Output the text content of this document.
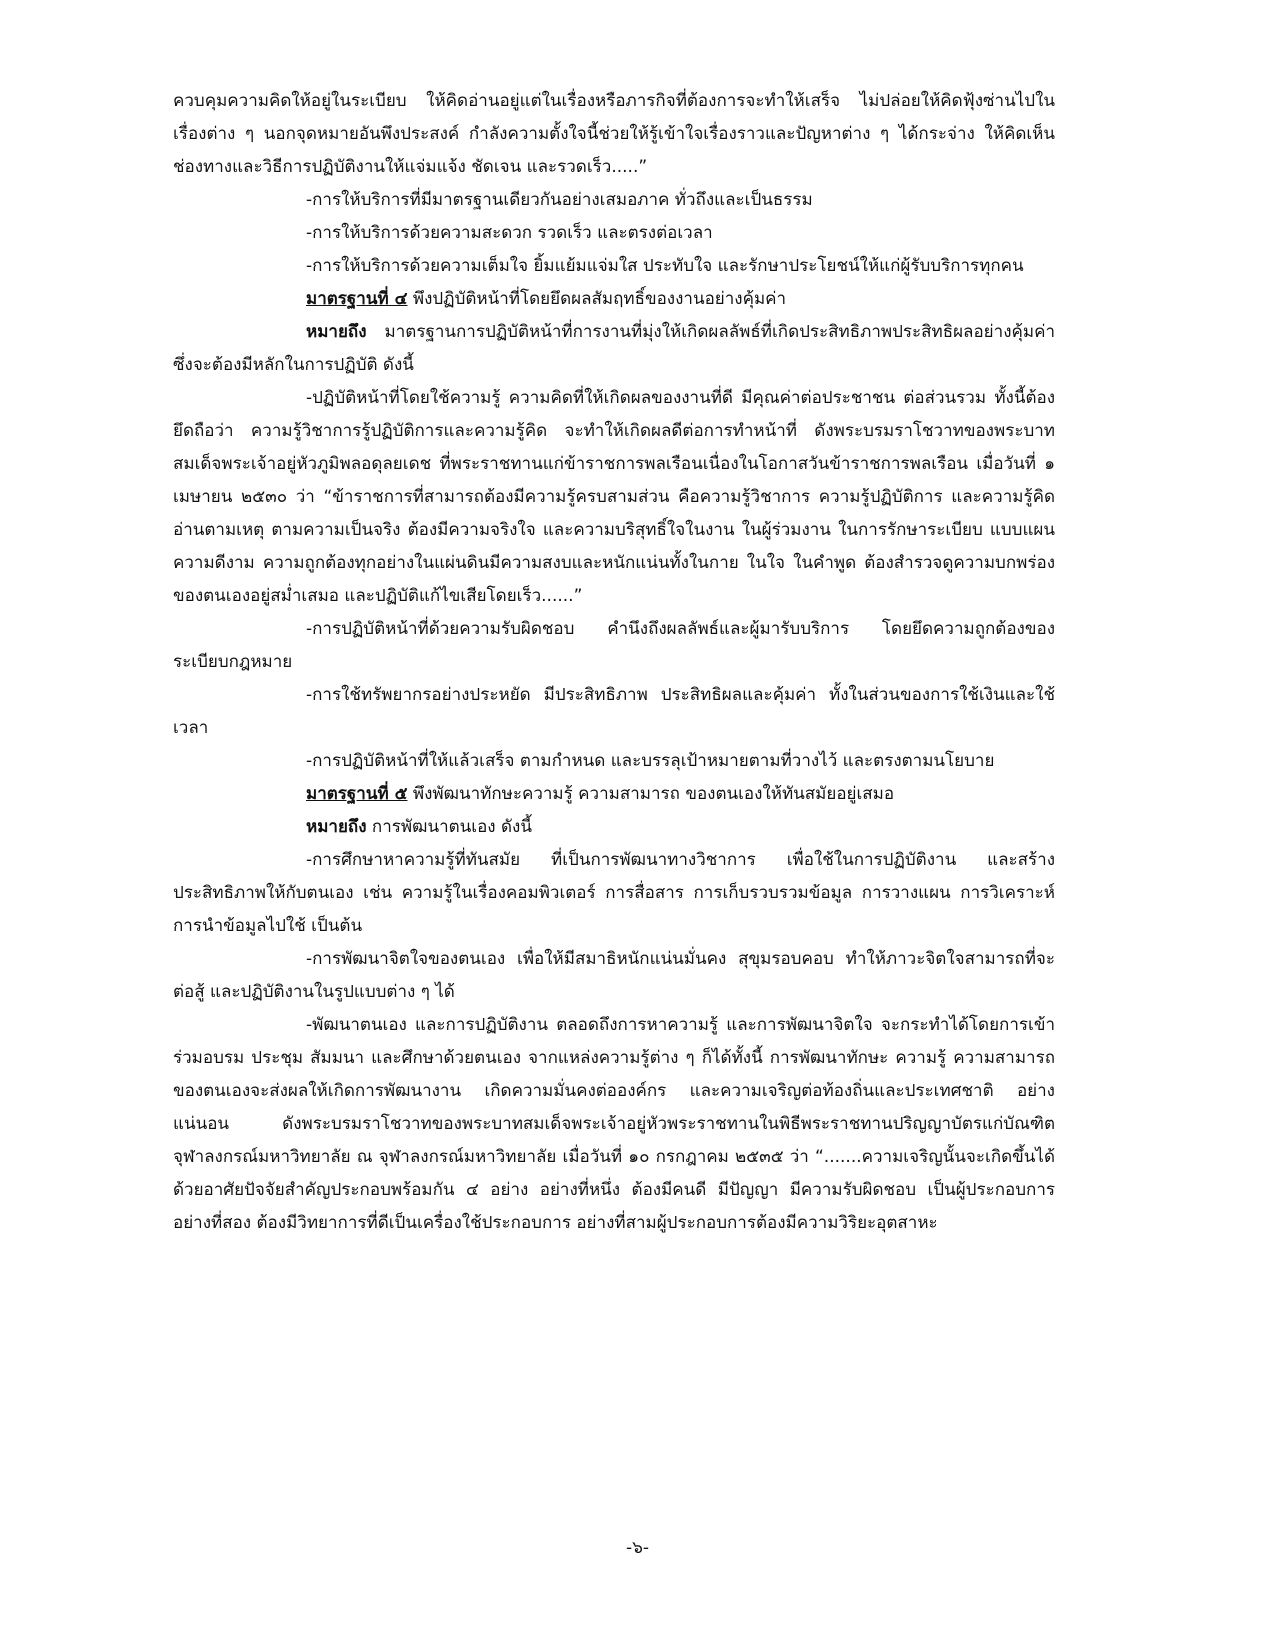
ควบคุมความคิดให้อยู่ในระเบียบ ให้คิดอ่านอยู่แต่ในเรื่องหรือภารกิจที่ต้องการจะทำให้เสร็จ ไม่ปล่อยให้คิดฟุ้งซ่านไปในเรื่องต่าง ๆ นอกจุดหมายอันพึงประสงค์ กำลังความตั้งใจนี้ช่วยให้รู้เข้าใจเรื่องราวและปัญหาต่าง ๆ ได้กระจ่าง ให้คิดเห็นช่องทางและวิธีการปฏิบัติงานให้แจ่มแจ้ง ชัดเจน และรวดเร็ว.....”

-การให้บริการที่มีมาตรฐานเดียวกันอย่างเสมอภาค ทั่วถึงและเป็นธรรม

-การให้บริการด้วยความสะดวก รวดเร็ว และตรงต่อเวลา

-การให้บริการด้วยความเต็มใจ ยิ้มแย้มแจ่มใส ประทับใจ และรักษาประโยชน์ให้แก่ผู้รับบริการทุกคน

มาตรฐานที่ ๔ พึงปฏิบัติหน้าที่โดยยึดผลสัมฤทธิ์ของงานอย่างคุ้มค่า

หมายถึง มาตรฐานการปฏิบัติหน้าที่การงานที่มุ่งให้เกิดผลลัพธ์ที่เกิดประสิทธิภาพประสิทธิผลอย่างคุ้มค่าซึ่งจะต้องมีหลักในการปฏิบัติ ดังนี้

-ปฏิบัติหน้าที่โดยใช้ความรู้ ความคิดที่ให้เกิดผลของงานที่ดี มีคุณค่าต่อประชาชน ต่อส่วนรวม ทั้งนี้ต้องยึดถือว่า ความรู้วิชาการรู้ปฏิบัติการและความรู้คิด จะทำให้เกิดผลดีต่อการทำหน้าที่ ดังพระบรมราโชวาทของพระบาทสมเด็จพระเจ้าอยู่หัวภูมิพลอดุลยเดช ที่พระราชทานแก่ข้าราชการพลเรือนเนื่องในโอกาสวันข้าราชการพลเรือน เมื่อวันที่ ๑ เมษายน ๒๕๓๐ ว่า “ข้าราชการที่สามารถต้องมีความรู้ครบสามส่วน คือความรู้วิชาการ ความรู้ปฏิบัติการ และความรู้คิดอ่านตามเหตุ ตามความเป็นจริง ต้องมีความจริงใจ และความบริสุทธิ์ใจในงาน ในผู้ร่วมงาน ในการรักษาระเบียบ แบบแผน ความดีงาม ความถูกต้องทุกอย่างในแผ่นดินมีความสงบและหนักแน่นทั้งในกาย ในใจ ในคำพูด ต้องสำรวจดูความบกพร่องของตนเองอยู่สม่ำเสมอ และปฏิบัติแก้ไขเสียโดยเร็ว......”

-การปฏิบัติหน้าที่ด้วยความรับผิดชอบ คำนึงถึงผลลัพธ์และผู้มารับบริการ โดยยึดความถูกต้องของระเบียบกฎหมาย

-การใช้ทรัพยากรอย่างประหยัด มีประสิทธิภาพ ประสิทธิผลและคุ้มค่า ทั้งในส่วนของการใช้เงินและใช้เวลา

-การปฏิบัติหน้าที่ให้แล้วเสร็จ ตามกำหนด และบรรลุเป้าหมายตามที่วางไว้ และตรงตามนโยบาย

มาตรฐานที่ ๕ พึงพัฒนาทักษะความรู้ ความสามารถ ของตนเองให้ทันสมัยอยู่เสมอ

หมายถึง การพัฒนาตนเอง ดังนี้

-การศึกษาหาความรู้ที่ทันสมัย ที่เป็นการพัฒนาทางวิชาการ เพื่อใช้ในการปฏิบัติงาน และสร้างประสิทธิภาพให้กับตนเอง เช่น ความรู้ในเรื่องคอมพิวเตอร์ การสื่อสาร การเก็บรวบรวมข้อมูล การวางแผน การวิเคราะห์ การนำข้อมูลไปใช้ เป็นต้น

-การพัฒนาจิตใจของตนเอง เพื่อให้มีสมาธิหนักแน่นมั่นคง สุขุมรอบคอบ ทำให้ภาวะจิตใจสามารถที่จะต่อสู้ และปฏิบัติงานในรูปแบบต่าง ๆ ได้

-พัฒนาตนเอง และการปฏิบัติงาน ตลอดถึงการหาความรู้ และการพัฒนาจิตใจ จะกระทำได้โดยการเข้าร่วมอบรม ประชุม สัมมนา และศึกษาด้วยตนเอง จากแหล่งความรู้ต่าง ๆ ก็ได้ทั้งนี้ การพัฒนาทักษะ ความรู้ ความสามารถ ของตนเองจะส่งผลให้เกิดการพัฒนางาน เกิดความมั่นคงต่อองค์กร และความเจริญต่อท้องถิ่นและประเทศชาติ อย่างแน่นอน ดังพระบรมราโชวาทของพระบาทสมเด็จพระเจ้าอยู่หัวพระราชทานในพิธีพระราชทานปริญญาบัตรแก่บัณฑิตจุฬาลงกรณ์มหาวิทยาลัย ณ จุฬาลงกรณ์มหาวิทยาลัย เมื่อวันที่ ๑๐ กรกฎาคม ๒๕๓๕ ว่า “.......ความเจริญนั้นจะเกิดขึ้นได้ด้วยอาศัยปัจจัยสำคัญประกอบพร้อมกัน ๔ อย่าง อย่างที่หนึ่ง ต้องมีคนดี มีปัญญา มีความรับผิดชอบ เป็นผู้ประกอบการ อย่างที่สอง ต้องมีวิทยาการที่ดีเป็นเครื่องใช้ประกอบการ อย่างที่สามผู้ประกอบการต้องมีความวิริยะอุตสาหะ

-๖-
